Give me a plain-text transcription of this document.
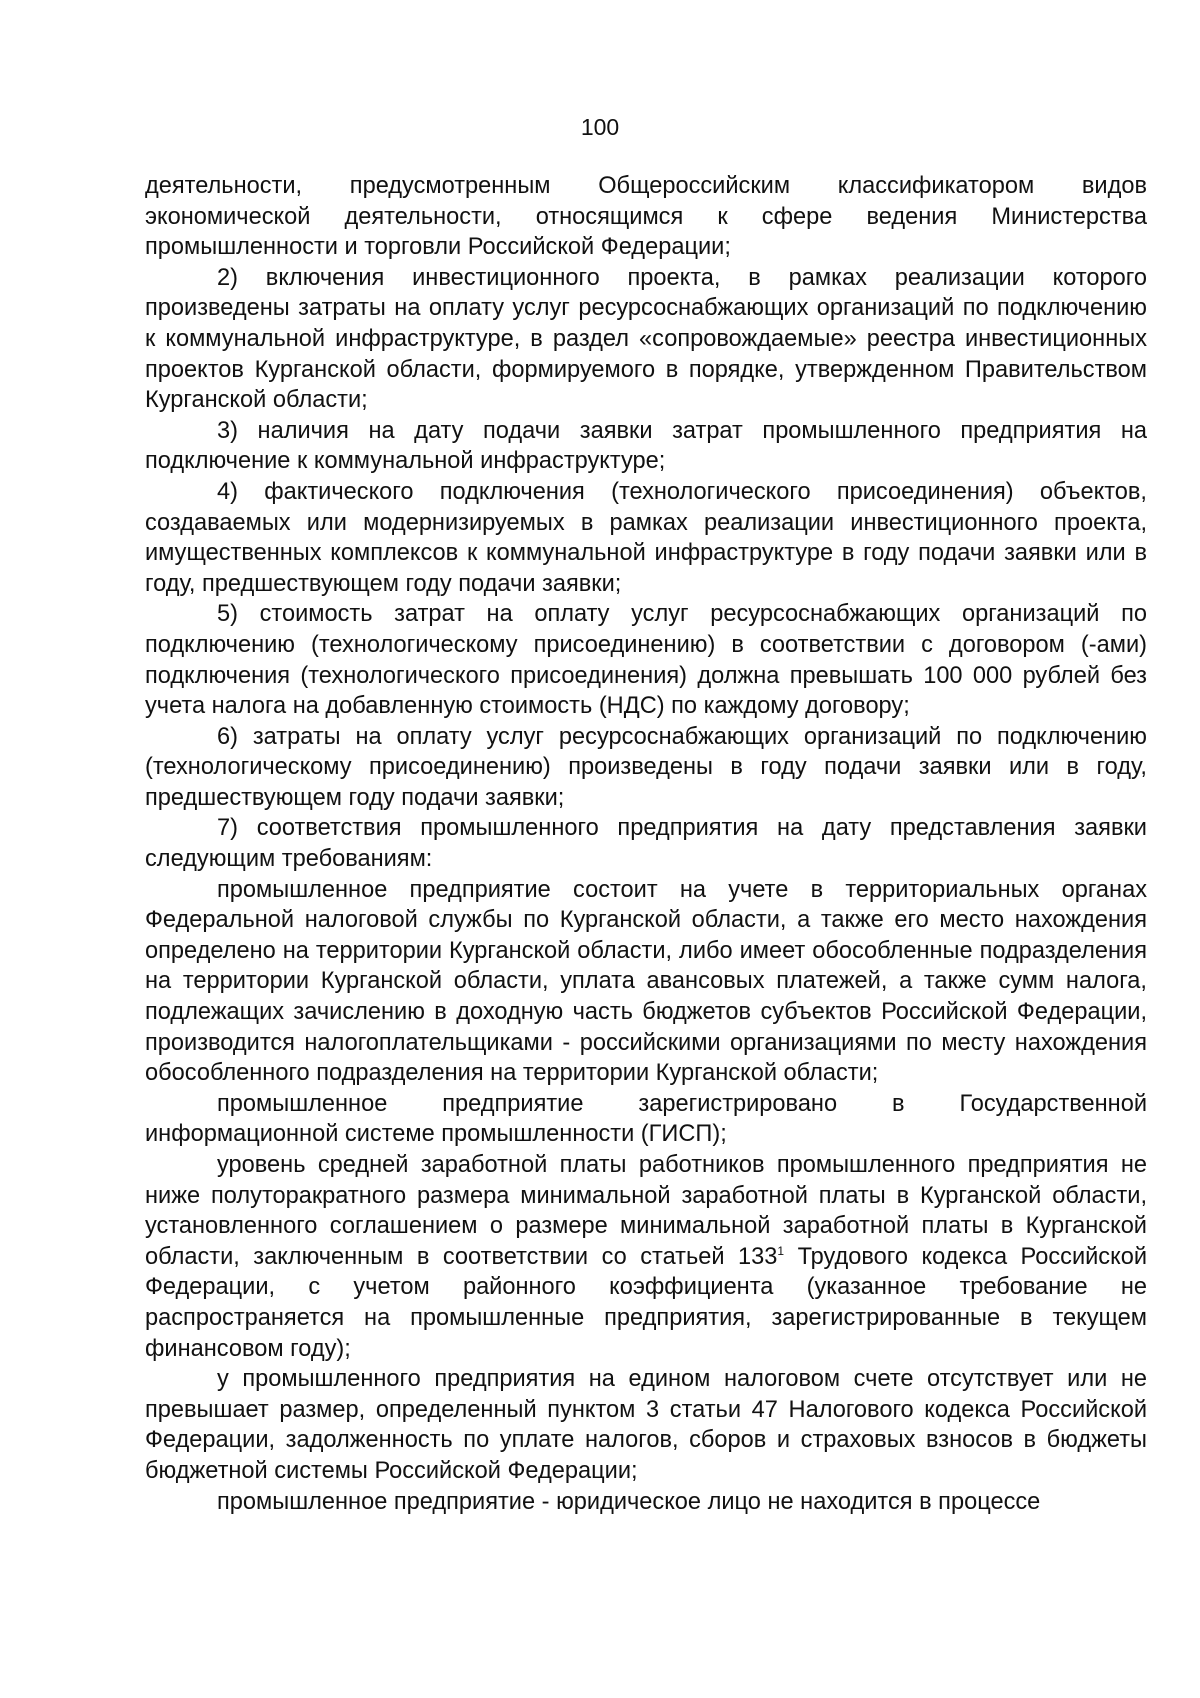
100

деятельности, предусмотренным Общероссийским классификатором видов экономической деятельности, относящимся к сфере ведения Министерства промышленности и торговли Российской Федерации;

2) включения инвестиционного проекта, в рамках реализации которого произведены затраты на оплату услуг ресурсоснабжающих организаций по подключению к коммунальной инфраструктуре, в раздел «сопровождаемые» реестра инвестиционных проектов Курганской области, формируемого в порядке, утвержденном Правительством Курганской области;

3) наличия на дату подачи заявки затрат промышленного предприятия на подключение к коммунальной инфраструктуре;

4) фактического подключения (технологического присоединения) объектов, создаваемых или модернизируемых в рамках реализации инвестиционного проекта, имущественных комплексов к коммунальной инфраструктуре в году подачи заявки или в году, предшествующем году подачи заявки;

5) стоимость затрат на оплату услуг ресурсоснабжающих организаций по подключению (технологическому присоединению) в соответствии с договором (-ами) подключения (технологического присоединения) должна превышать 100 000 рублей без учета налога на добавленную стоимость (НДС) по каждому договору;

6) затраты на оплату услуг ресурсоснабжающих организаций по подключению (технологическому присоединению) произведены в году подачи заявки или в году, предшествующем году подачи заявки;

7) соответствия промышленного предприятия на дату представления заявки следующим требованиям:

промышленное предприятие состоит на учете в территориальных органах Федеральной налоговой службы по Курганской области, а также его место нахождения определено на территории Курганской области, либо имеет обособленные подразделения на территории Курганской области, уплата авансовых платежей, а также сумм налога, подлежащих зачислению в доходную часть бюджетов субъектов Российской Федерации, производится налогоплательщиками - российскими организациями по месту нахождения обособленного подразделения на территории Курганской области;

промышленное предприятие зарегистрировано в Государственной информационной системе промышленности (ГИСП);

уровень средней заработной платы работников промышленного предприятия не ниже полуторакратного размера минимальной заработной платы в Курганской области, установленного соглашением о размере минимальной заработной платы в Курганской области, заключенным в соответствии со статьей $133^1$ Трудового кодекса Российской Федерации, с учетом районного коэффициента (указанное требование не распространяется на промышленные предприятия, зарегистрированные в текущем финансовом году);

у промышленного предприятия на едином налоговом счете отсутствует или не превышает размер, определенный пунктом 3 статьи 47 Налогового кодекса Российской Федерации, задолженность по уплате налогов, сборов и страховых взносов в бюджеты бюджетной системы Российской Федерации;

промышленное предприятие - юридическое лицо не находится в процессе
